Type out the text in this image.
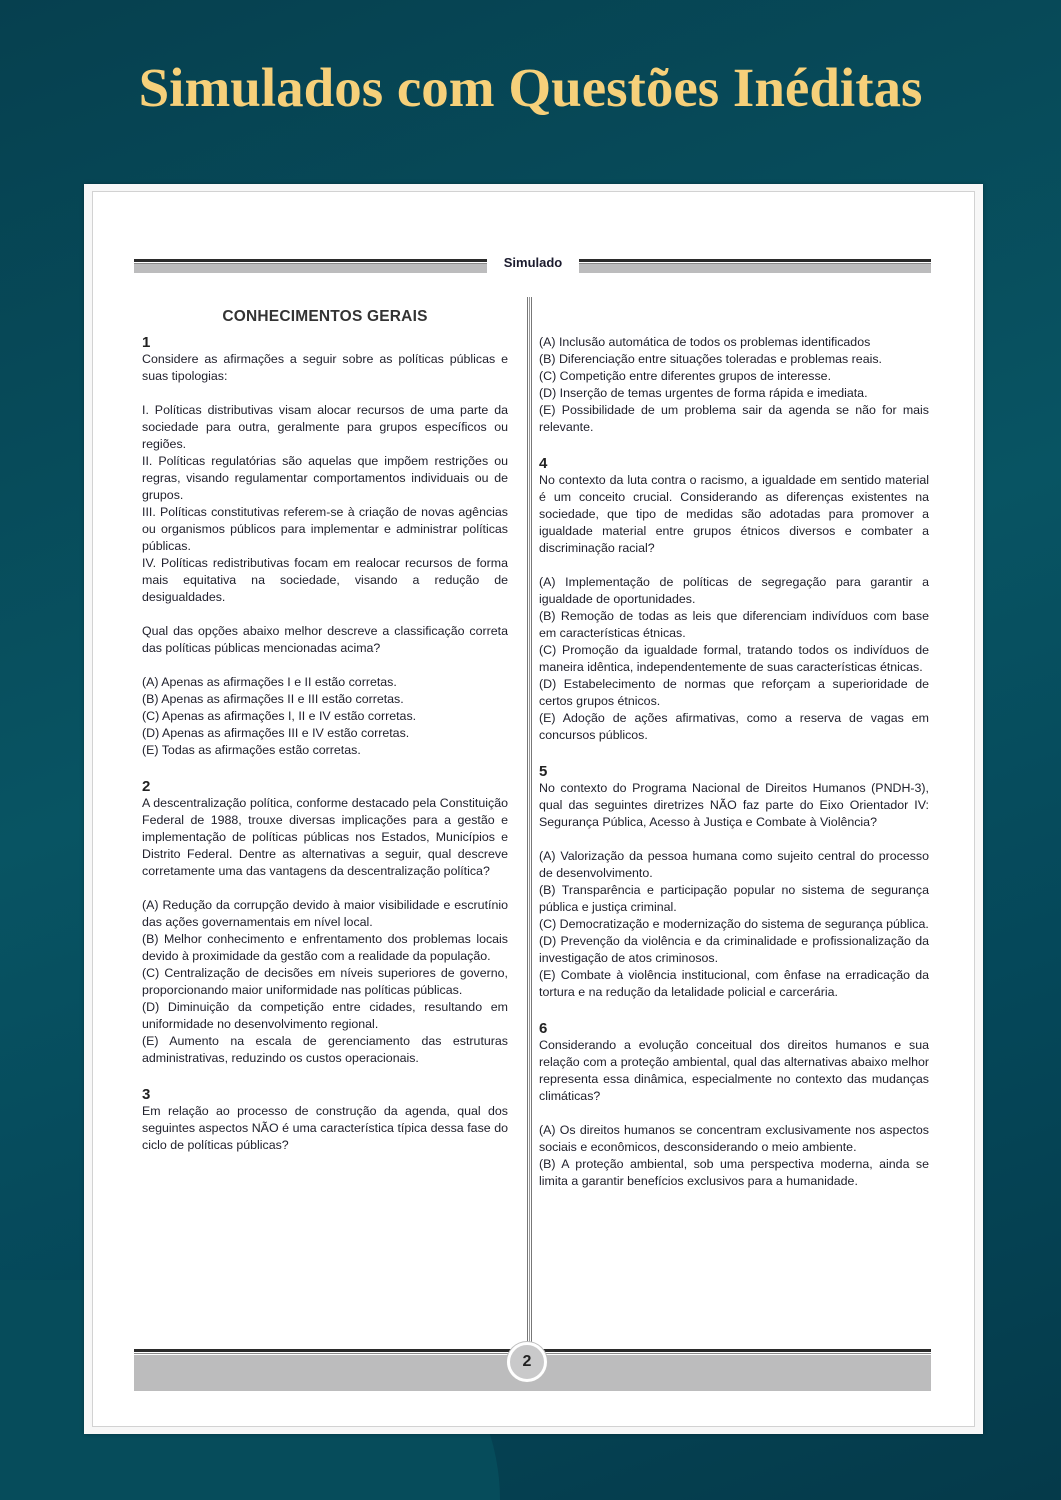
Simulados com Questões Inéditas
Simulado
CONHECIMENTOS GERAIS
1

Considere as afirmações a seguir sobre as políticas públicas e suas tipologias:

I. Políticas distributivas visam alocar recursos de uma parte da sociedade para outra, geralmente para grupos específicos ou regiões.

II. Políticas regulatórias são aquelas que impõem restrições ou regras, visando regulamentar comportamentos individuais ou de grupos.

III. Políticas constitutivas referem-se à criação de novas agências ou organismos públicos para implementar e administrar políticas públicas.

IV. Políticas redistributivas focam em realocar recursos de forma mais equitativa na sociedade, visando a redução de desigualdades.

Qual das opções abaixo melhor descreve a classificação correta das políticas públicas mencionadas acima?

(A) Apenas as afirmações I e II estão corretas.

(B) Apenas as afirmações II e III estão corretas.

(C) Apenas as afirmações I, II e IV estão corretas.

(D) Apenas as afirmações III e IV estão corretas.

(E) Todas as afirmações estão corretas.

2

A descentralização política, conforme destacado pela Constituição Federal de 1988, trouxe diversas implicações para a gestão e implementação de políticas públicas nos Estados, Municípios e Distrito Federal. Dentre as alternativas a seguir, qual descreve corretamente uma das vantagens da descentralização política?

(A) Redução da corrupção devido à maior visibilidade e escrutínio das ações governamentais em nível local.

(B) Melhor conhecimento e enfrentamento dos problemas locais devido à proximidade da gestão com a realidade da população.

(C) Centralização de decisões em níveis superiores de governo, proporcionando maior uniformidade nas políticas públicas.

(D) Diminuição da competição entre cidades, resultando em uniformidade no desenvolvimento regional.

(E) Aumento na escala de gerenciamento das estruturas administrativas, reduzindo os custos operacionais.

3

Em relação ao processo de construção da agenda, qual dos seguintes aspectos NÃO é uma característica típica dessa fase do ciclo de políticas públicas?

(A) Inclusão automática de todos os problemas identificados

(B) Diferenciação entre situações toleradas e problemas reais.

(C) Competição entre diferentes grupos de interesse.

(D) Inserção de temas urgentes de forma rápida e imediata.

(E) Possibilidade de um problema sair da agenda se não for mais relevante.

4

No contexto da luta contra o racismo, a igualdade em sentido material é um conceito crucial. Considerando as diferenças existentes na sociedade, que tipo de medidas são adotadas para promover a igualdade material entre grupos étnicos diversos e combater a discriminação racial?

(A) Implementação de políticas de segregação para garantir a igualdade de oportunidades.

(B) Remoção de todas as leis que diferenciam indivíduos com base em características étnicas.

(C) Promoção da igualdade formal, tratando todos os indivíduos de maneira idêntica, independentemente de suas características étnicas.

(D) Estabelecimento de normas que reforçam a superioridade de certos grupos étnicos.

(E) Adoção de ações afirmativas, como a reserva de vagas em concursos públicos.

5

No contexto do Programa Nacional de Direitos Humanos (PNDH-3), qual das seguintes diretrizes NÃO faz parte do Eixo Orientador IV: Segurança Pública, Acesso à Justiça e Combate à Violência?

(A) Valorização da pessoa humana como sujeito central do processo de desenvolvimento.

(B) Transparência e participação popular no sistema de segurança pública e justiça criminal.

(C) Democratização e modernização do sistema de segurança pública.

(D) Prevenção da violência e da criminalidade e profissionalização da investigação de atos criminosos.

(E) Combate à violência institucional, com ênfase na erradicação da tortura e na redução da letalidade policial e carcerária.

6

Considerando a evolução conceitual dos direitos humanos e sua relação com a proteção ambiental, qual das alternativas abaixo melhor representa essa dinâmica, especialmente no contexto das mudanças climáticas?

(A) Os direitos humanos se concentram exclusivamente nos aspectos sociais e econômicos, desconsiderando o meio ambiente.

(B) A proteção ambiental, sob uma perspectiva moderna, ainda se limita a garantir benefícios exclusivos para a humanidade.

2
